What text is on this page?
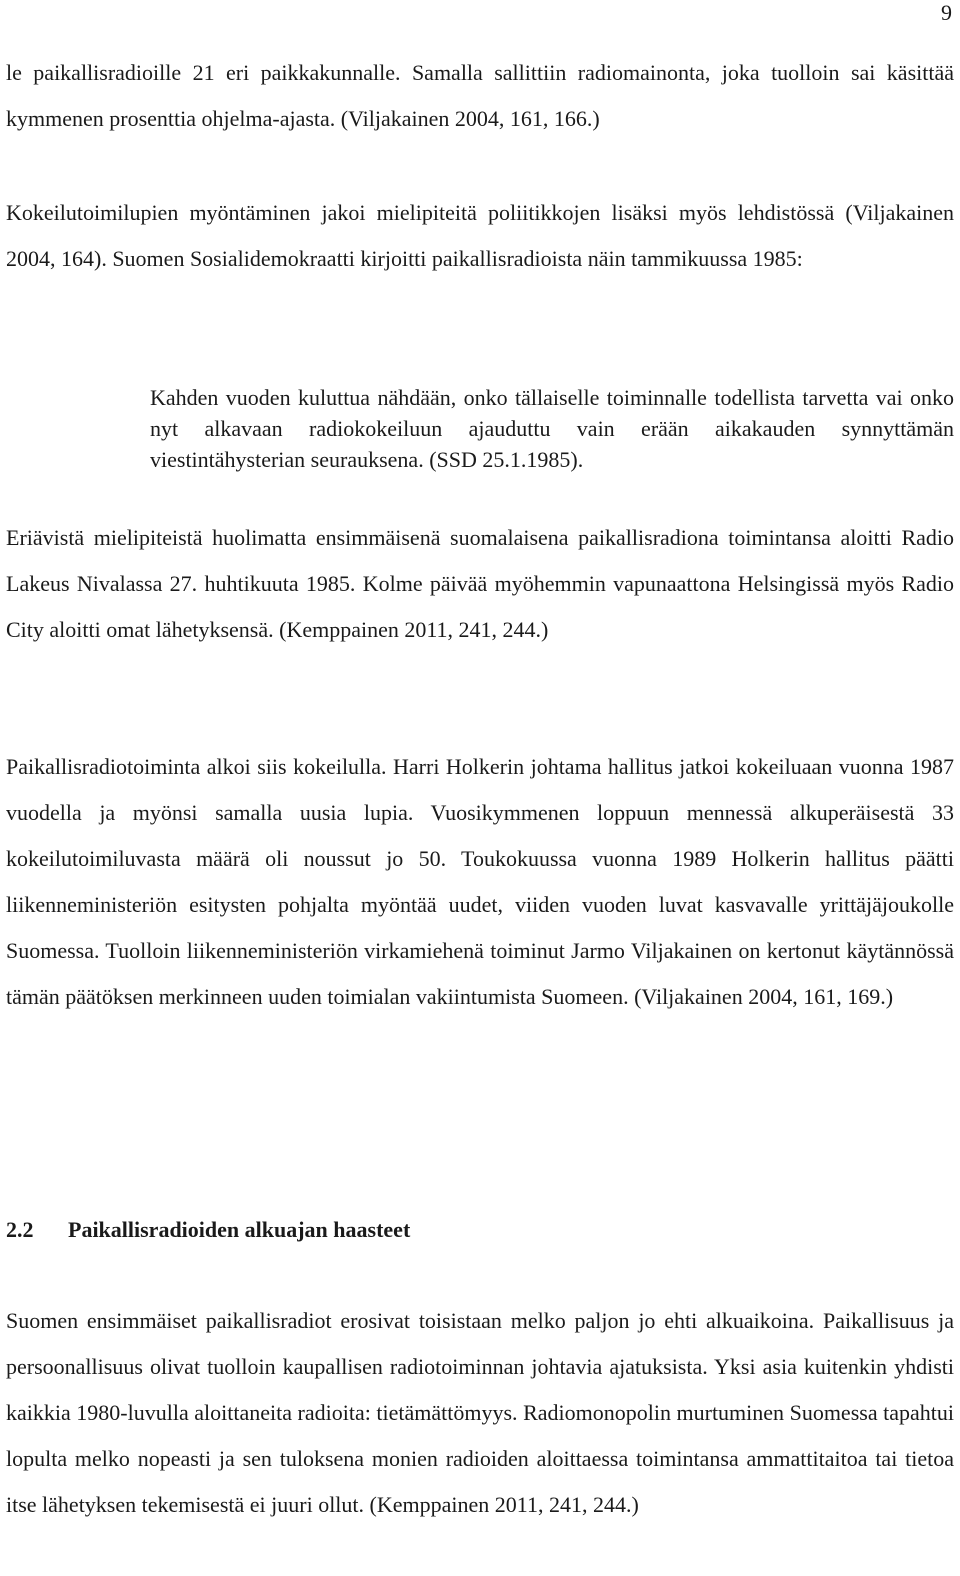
9

le paikallisradioille 21 eri paikkakunnalle. Samalla sallittiin radiomainonta, joka tuolloin sai käsittää kymmenen prosenttia ohjelma-ajasta. (Viljakainen 2004, 161, 166.)

Kokeilutoimilupien myöntäminen jakoi mielipiteitä poliitikkojen lisäksi myös lehdistössä (Viljakainen 2004, 164). Suomen Sosialidemokraatti kirjoitti paikallisradioista näin tammikuussa 1985:

Kahden vuoden kuluttua nähdään, onko tällaiselle toiminnalle todellista tarvetta vai onko nyt alkavaan radiokokeiluun ajauduttu vain erään aikakauden synnyttämän viestintähysterian seurauksena. (SSD 25.1.1985).

Eriävistä mielipiteistä huolimatta ensimmäisenä suomalaisena paikallisradiona toimintansa aloitti Radio Lakeus Nivalassa 27. huhtikuuta 1985. Kolme päivää myöhemmin vapunaattona Helsingissä myös Radio City aloitti omat lähetyksensä. (Kemppainen 2011, 241, 244.)

Paikallisradiotoiminta alkoi siis kokeilulla. Harri Holkerin johtama hallitus jatkoi kokeiluaan vuonna 1987 vuodella ja myönsi samalla uusia lupia. Vuosikymmenen loppuun mennessä alkuperäisestä 33 kokeilutoimiluvasta määrä oli noussut jo 50. Toukokuussa vuonna 1989 Holkerin hallitus päätti liikenneministeriön esitysten pohjalta myöntää uudet, viiden vuoden luvat kasvavalle yrittäjäjoukolle Suomessa. Tuolloin liikenneministeriön virkamiehenä toiminut Jarmo Viljakainen on kertonut käytännössä tämän päätöksen merkinneen uuden toimialan vakiintumista Suomeen. (Viljakainen 2004, 161, 169.)

2.2 Paikallisradioiden alkuajan haasteet

Suomen ensimmäiset paikallisradiot erosivat toisistaan melko paljon jo ehti alkuaikoina. Paikallisuus ja persoonallisuus olivat tuolloin kaupallisen radiotoiminnan johtavia ajatuksista. Yksi asia kuitenkin yhdisti kaikkia 1980-luvulla aloittaneita radioita: tietämättömyys. Radiomonopolin murtuminen Suomessa tapahtui lopulta melko nopeasti ja sen tuloksena monien radioiden aloittaessa toimintansa ammattitaitoa tai tietoa itse lähetyksen tekemisestä ei juuri ollut. (Kemppainen 2011, 241, 244.)
